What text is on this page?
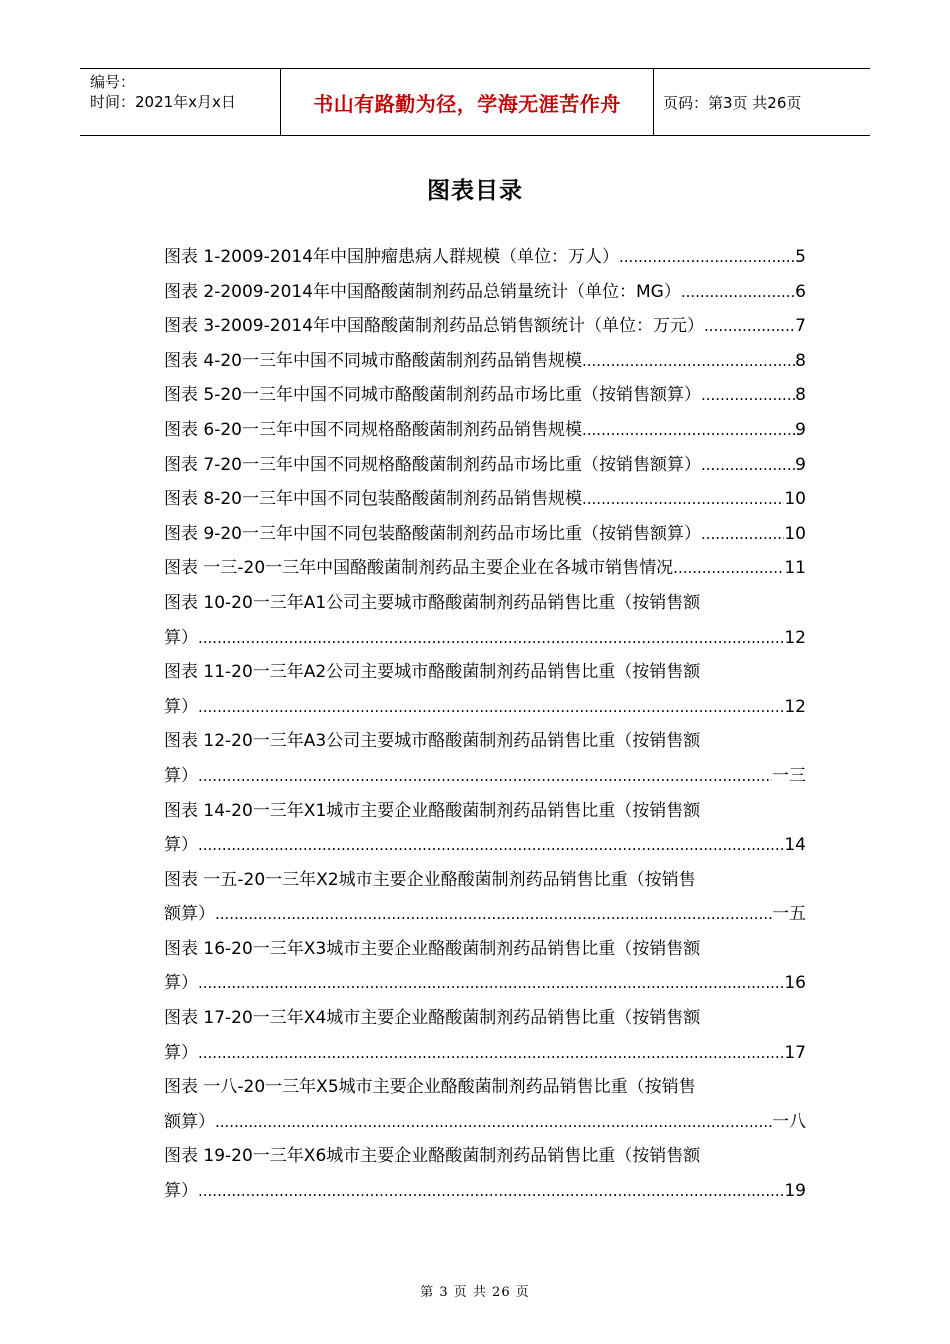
编号：
时间：2021年x月x日	书山有路勤为径，学海无涯苦作舟	页码：第3页 共26页
图表目录
图表 1-2009-2014年中国肿瘤患病人群规模（单位：万人） .....	5
图表 2-2009-2014年中国酪酸菌制剂药品总销量统计（单位：MG） .....	6
图表 3-2009-2014年中国酪酸菌制剂药品总销售额统计（单位：万元） .....	7
图表 4-20一三年中国不同城市酪酸菌制剂药品销售规模 .....	8
图表 5-20一三年中国不同城市酪酸菌制剂药品市场比重（按销售额算） .....	8
图表 6-20一三年中国不同规格酪酸菌制剂药品销售规模 .....	9
图表 7-20一三年中国不同规格酪酸菌制剂药品市场比重（按销售额算） .....	9
图表 8-20一三年中国不同包装酪酸菌制剂药品销售规模 .....	10
图表 9-20一三年中国不同包装酪酸菌制剂药品市场比重（按销售额算） .....	10
图表 一三-20一三年中国酪酸菌制剂药品主要企业在各城市销售情况 .....	11
图表 10-20一三年A1公司主要城市酪酸菌制剂药品销售比重（按销售额
算） .....	12
图表 11-20一三年A2公司主要城市酪酸菌制剂药品销售比重（按销售额
算） .....	12
图表 12-20一三年A3公司主要城市酪酸菌制剂药品销售比重（按销售额
算） .....	一三
图表 14-20一三年X1城市主要企业酪酸菌制剂药品销售比重（按销售额
算） .....	14
图表 一五-20一三年X2城市主要企业酪酸菌制剂药品销售比重（按销售
额算） .....	一五
图表 16-20一三年X3城市主要企业酪酸菌制剂药品销售比重（按销售额
算） .....	16
图表 17-20一三年X4城市主要企业酪酸菌制剂药品销售比重（按销售额
算） .....	17
图表 一八-20一三年X5城市主要企业酪酸菌制剂药品销售比重（按销售
额算） .....	一八
图表 19-20一三年X6城市主要企业酪酸菌制剂药品销售比重（按销售额
算） .....	19
第 3 页 共 26 页
